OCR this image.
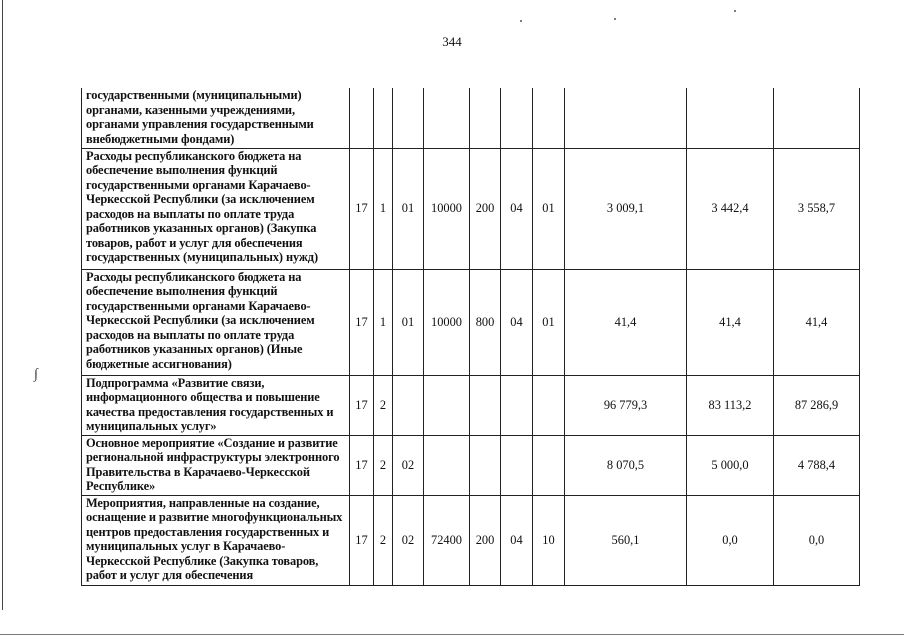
344
∫
государственными (муниципальными) органами, казенными учреждениями, органами управления государственными внебюджетными фондами)										
Расходы республиканского бюджета на обеспечение выполнения функций государственными органами Карачаево-Черкесской Республики (за исключением расходов на выплаты по оплате труда работников указанных органов) (Закупка товаров, работ и услуг для обеспечения государственных (муниципальных) нужд)	17	1	01	10000	200	04	01	3 009,1	3 442,4	3 558,7
Расходы республиканского бюджета на обеспечение выполнения функций государственными органами Карачаево-Черкесской Республики (за исключением расходов на выплаты по оплате труда работников указанных органов) (Иные бюджетные ассигнования)	17	1	01	10000	800	04	01	41,4	41,4	41,4
Подпрограмма «Развитие связи, информационного общества и повышение качества предоставления государственных и муниципальных услуг»	17	2						96 779,3	83 113,2	87 286,9
Основное мероприятие «Создание и развитие региональной инфраструктуры электронного Правительства в Карачаево-Черкесской Республике»	17	2	02					8 070,5	5 000,0	4 788,4
Мероприятия, направленные на создание, оснащение и развитие многофункциональных центров предоставления государственных и муниципальных услуг в Карачаево-Черкесской Республике (Закупка товаров, работ и услуг для обеспечения	17	2	02	72400	200	04	10	560,1	0,0	0,0
